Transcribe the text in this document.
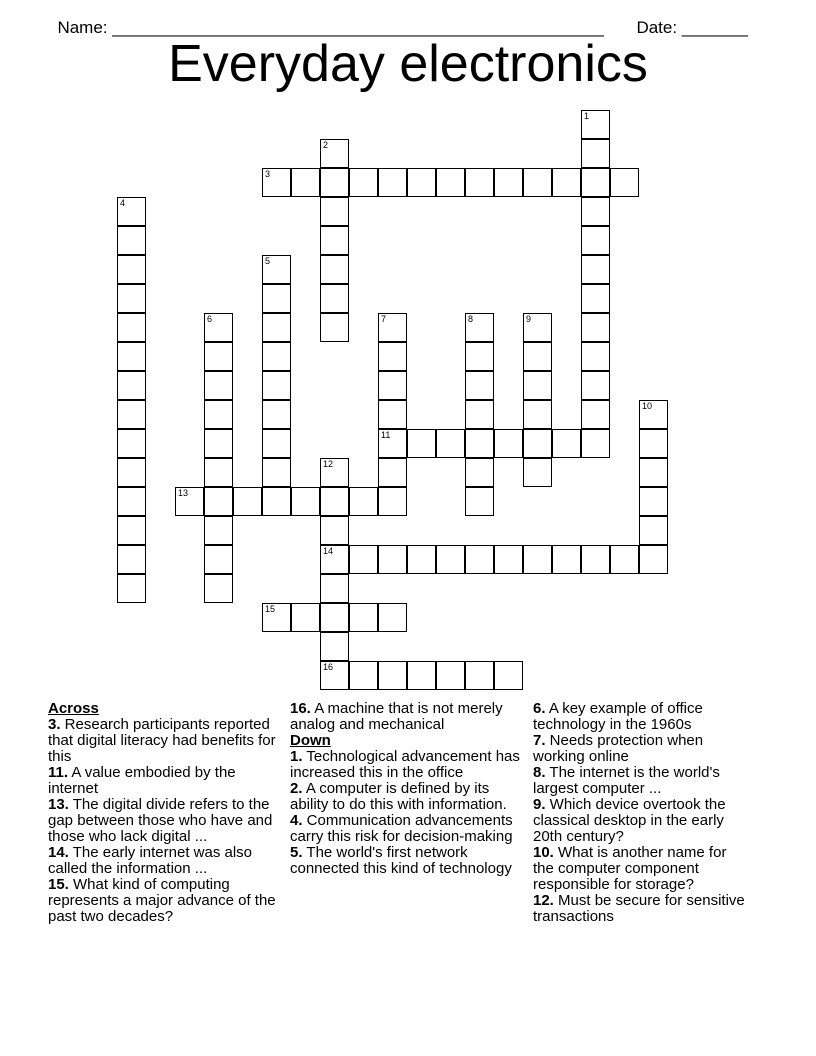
Name: ____________________________________________________	Date: _______

Everyday electronics
1
2
3
4
5
6	7
11
8	9
10
12
14
16
13
15

Across

3. Research participants reported that digital literacy had benefits for this

11. A value embodied by the internet

13. The digital divide refers to the gap between those who have and those who lack digital ...

14. The early internet was also called the information ...

15. What kind of computing represents a major advance of the past two decades?

16. A machine that is not merely analog and mechanical

Down

1. Technological advancement has increased this in the office

2. A computer is defined by its ability to do this with information.

4. Communication advancements carry this risk for decision-making

5. The world's first network connected this kind of technology

6. A key example of office technology in the 1960s

7. Needs protection when working online

8. The internet is the world's largest computer ...

9. Which device overtook the classical desktop in the early 20th century?

10. What is another name for the computer component responsible for storage?

12. Must be secure for sensitive transactions
